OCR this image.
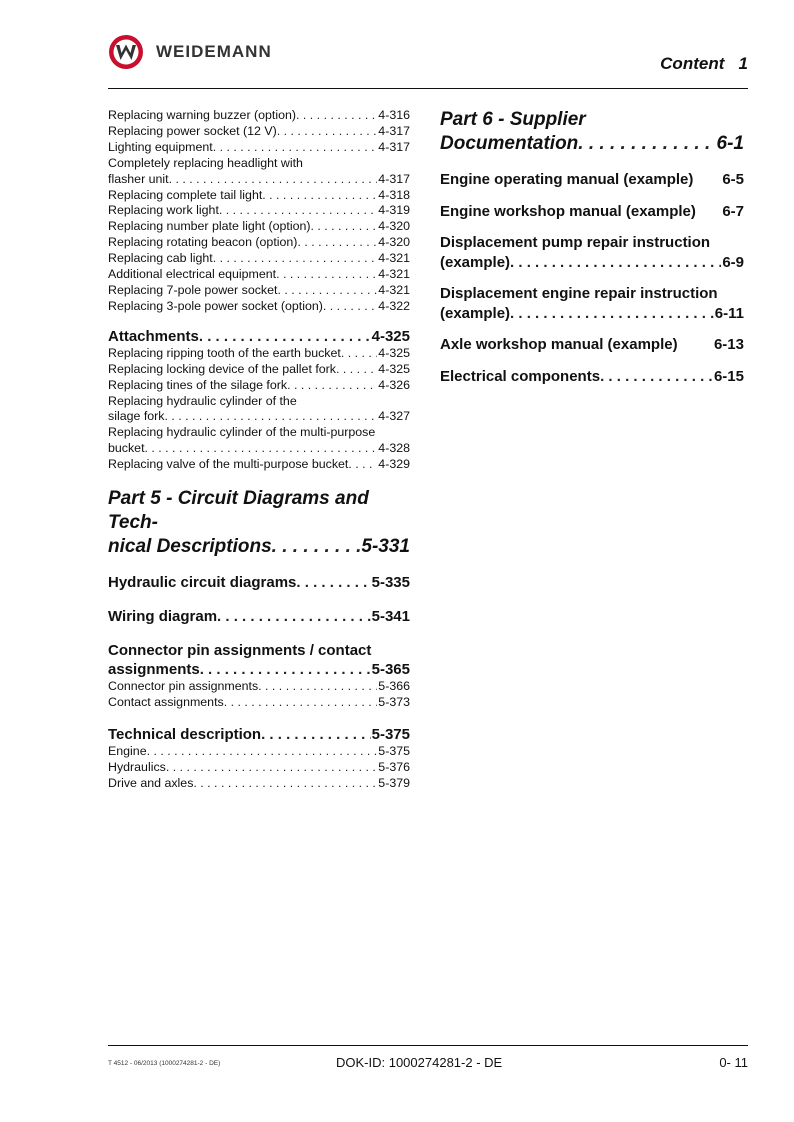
WEIDEMANN
Content   1
Replacing warning buzzer (option) . . .	4-316
Replacing power socket (12 V) . . .	4-317
Lighting equipment . . .	4-317
Completely replacing headlight with
flasher unit . . .	4-317
Replacing complete tail light . . .	4-318
Replacing work light . . .	4-319
Replacing number plate light (option) . . .	4-320
Replacing rotating beacon (option) . . .	4-320
Replacing cab light . . .	4-321
Additional electrical equipment . . .	4-321
Replacing 7-pole power socket . . .	4-321
Replacing 3-pole power socket (option) . . .	4-322
Attachments . . .	4-325
Replacing ripping tooth of the earth bucket . . .	4-325
Replacing locking device of the pallet fork . . .	4-325
Replacing tines of the silage fork . . .	4-326
Replacing hydraulic cylinder of the
silage fork . . .	4-327
Replacing hydraulic cylinder of the multi-purpose
bucket . . .	4-328
Replacing valve of the multi-purpose bucket . . . 4-329
Part 5 - Circuit Diagrams and Tech-
nical Descriptions . . .	5-331
Hydraulic circuit diagrams . . .	5-335
Wiring diagram . . .	5-341
Connector pin assignments / contact
assignments . . .	5-365
Connector pin assignments . . .	5-366
Contact assignments . . .	5-373
Technical description . . .	5-375
Engine . . .	5-375
Hydraulics . . .	5-376
Drive and axles . . .	5-379
Part 6 - Supplier
Documentation . . .	6-1
Engine operating manual (example) 6-5
Engine workshop manual (example) 6-7
Displacement pump repair instruction
(example) . . .	6-9
Displacement engine repair instruction
(example) . . .	6-11
Axle workshop manual (example) 6-13
Electrical components . . .	6-15
T 4512 - 06/2013 (1000274281-2 - DE)	DOK-ID: 1000274281-2 - DE	0- 11
